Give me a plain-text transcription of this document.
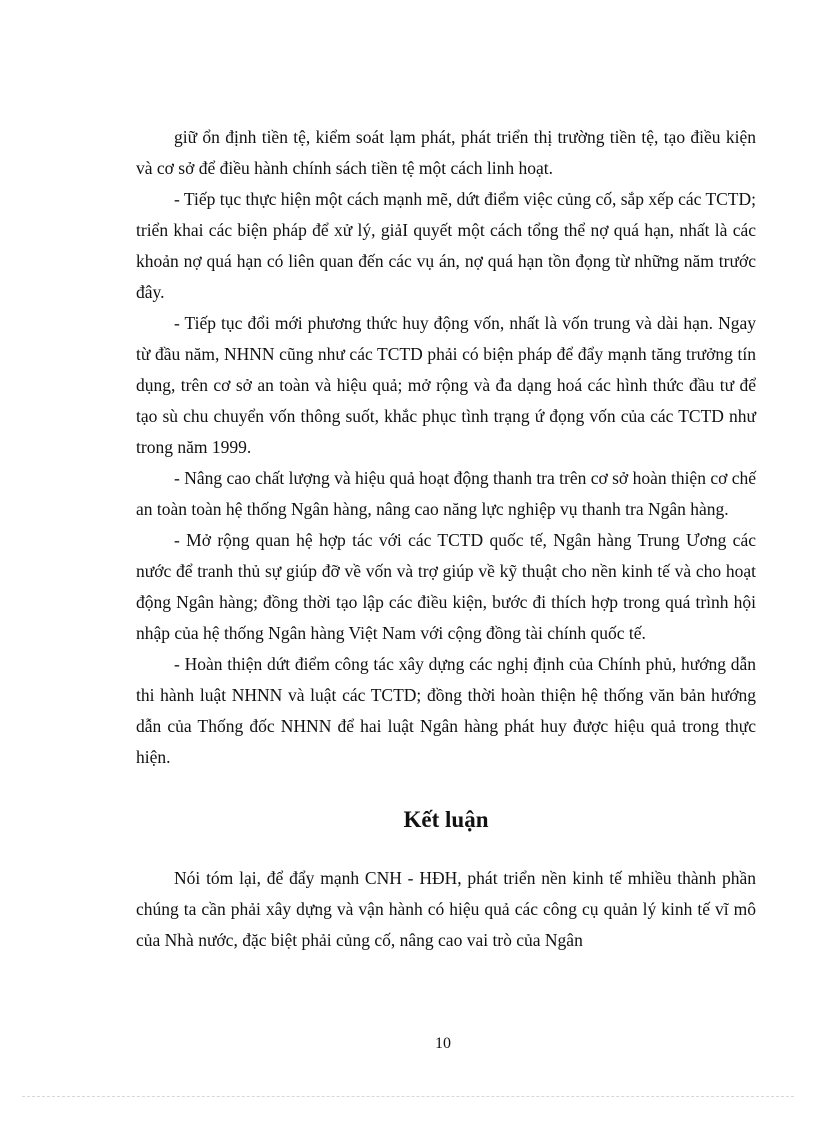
giữ ổn định tiền tệ, kiểm soát lạm phát, phát triển thị trường tiền tệ, tạo điều kiện và cơ sở để điều hành chính sách tiền tệ một cách linh hoạt.

- Tiếp tục thực hiện một cách mạnh mẽ, dứt điểm việc củng cố, sắp xếp các TCTD; triển khai các biện pháp để xử lý, giảI quyết một cách tổng thể nợ quá hạn, nhất là các khoản nợ quá hạn có liên quan đến các vụ án, nợ quá hạn tồn đọng từ những năm trước đây.

- Tiếp tục đổi mới phương thức huy động vốn, nhất là vốn trung và dài hạn. Ngay từ đầu năm, NHNN cũng như các TCTD phải có biện pháp để đẩy mạnh tăng trưởng tín dụng, trên cơ sở an toàn và hiệu quả; mở rộng và đa dạng hoá các hình thức đầu tư để tạo sù chu chuyển vốn thông suốt, khắc phục tình trạng ứ đọng vốn của các TCTD như trong năm 1999.

- Nâng cao chất lượng và hiệu quả hoạt động thanh tra trên cơ sở hoàn thiện cơ chế an toàn toàn hệ thống Ngân hàng, nâng cao năng lực nghiệp vụ thanh tra Ngân hàng.

- Mở rộng quan hệ hợp tác với các TCTD quốc tế, Ngân hàng Trung Ương các nước để tranh thủ sự giúp đỡ về vốn và trợ giúp về kỹ thuật cho nền kinh tế và cho hoạt động Ngân hàng; đồng thời tạo lập các điều kiện, bước đi thích hợp trong quá trình hội nhập của hệ thống Ngân hàng Việt Nam với cộng đồng tài chính quốc tế.

- Hoàn thiện dứt điểm công tác xây dựng các nghị định của Chính phủ, hướng dẫn thi hành luật NHNN và luật các TCTD; đồng thời hoàn thiện hệ thống văn bản hướng dẫn của Thống đốc NHNN để hai luật Ngân hàng phát huy được hiệu quả trong thực hiện.

Kết luận

Nói tóm lại, để đẩy mạnh CNH - HĐH, phát triển nền kinh tế mhiều thành phần chúng ta cần phải xây dựng và vận hành có hiệu quả các công cụ quản lý kinh tế vĩ mô của Nhà nước, đặc biệt phải củng cố, nâng cao vai trò của Ngân

10
